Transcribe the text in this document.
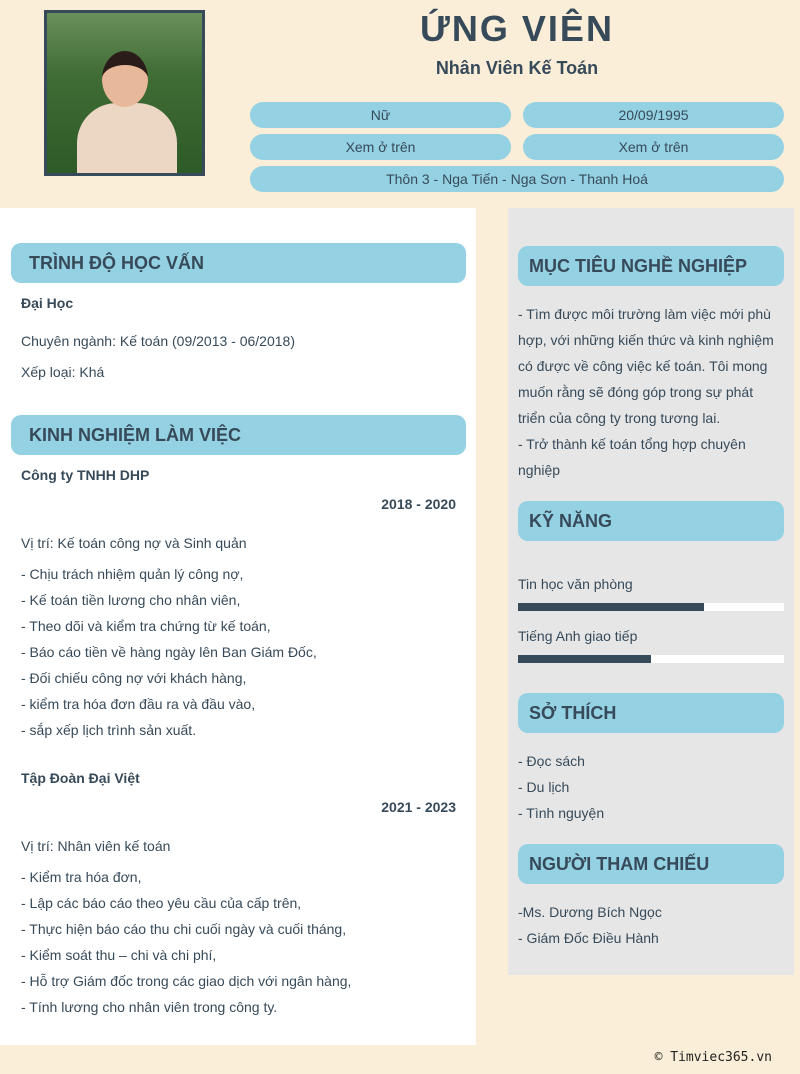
ỨNG VIÊN
Nhân Viên Kế Toán
Nữ	20/09/1995
Xem ở trên	Xem ở trên
Thôn 3 - Nga Tiến - Nga Sơn - Thanh Hoá
TRÌNH ĐỘ HỌC VẤN
Đại Học
Chuyên ngành: Kế toán (09/2013 - 06/2018)
Xếp loại: Khá
KINH NGHIỆM LÀM VIỆC
Công ty TNHH DHP
2018 - 2020
Vị trí: Kế toán công nợ và Sinh quản
- Chịu trách nhiệm quản lý công nợ,
- Kế toán tiền lương cho nhân viên,
- Theo dõi và kiểm tra chứng từ kế toán,
- Báo cáo tiền về hàng ngày lên Ban Giám Đốc,
- Đối chiếu công nợ với khách hàng,
- kiểm tra hóa đơn đầu ra và đầu vào,
- sắp xếp lịch trình sản xuất.
Tập Đoàn Đại Việt
2021 - 2023
Vị trí: Nhân viên kế toán
- Kiểm tra hóa đơn,
- Lập các báo cáo theo yêu cầu của cấp trên,
- Thực hiện báo cáo thu chi cuối ngày và cuối tháng,
- Kiểm soát thu – chi và chi phí,
- Hỗ trợ Giám đốc trong các giao dịch với ngân hàng,
- Tính lương cho nhân viên trong công ty.
MỤC TIÊU NGHỀ NGHIỆP
- Tìm được môi trường làm việc mới phù
hợp, với những kiến thức và kinh nghiệm
có được về công việc kế toán. Tôi mong
muốn rằng sẽ đóng góp trong sự phát
triển của công ty trong tương lai.
- Trở thành kế toán tổng hợp chuyên
nghiệp
KỸ NĂNG
Tin học văn phòng
Tiếng Anh giao tiếp
SỞ THÍCH
- Đọc sách
- Du lịch
- Tình nguyện
NGƯỜI THAM CHIẾU
-Ms. Dương Bích Ngọc
- Giám Đốc Điều Hành
© Timviec365.vn
